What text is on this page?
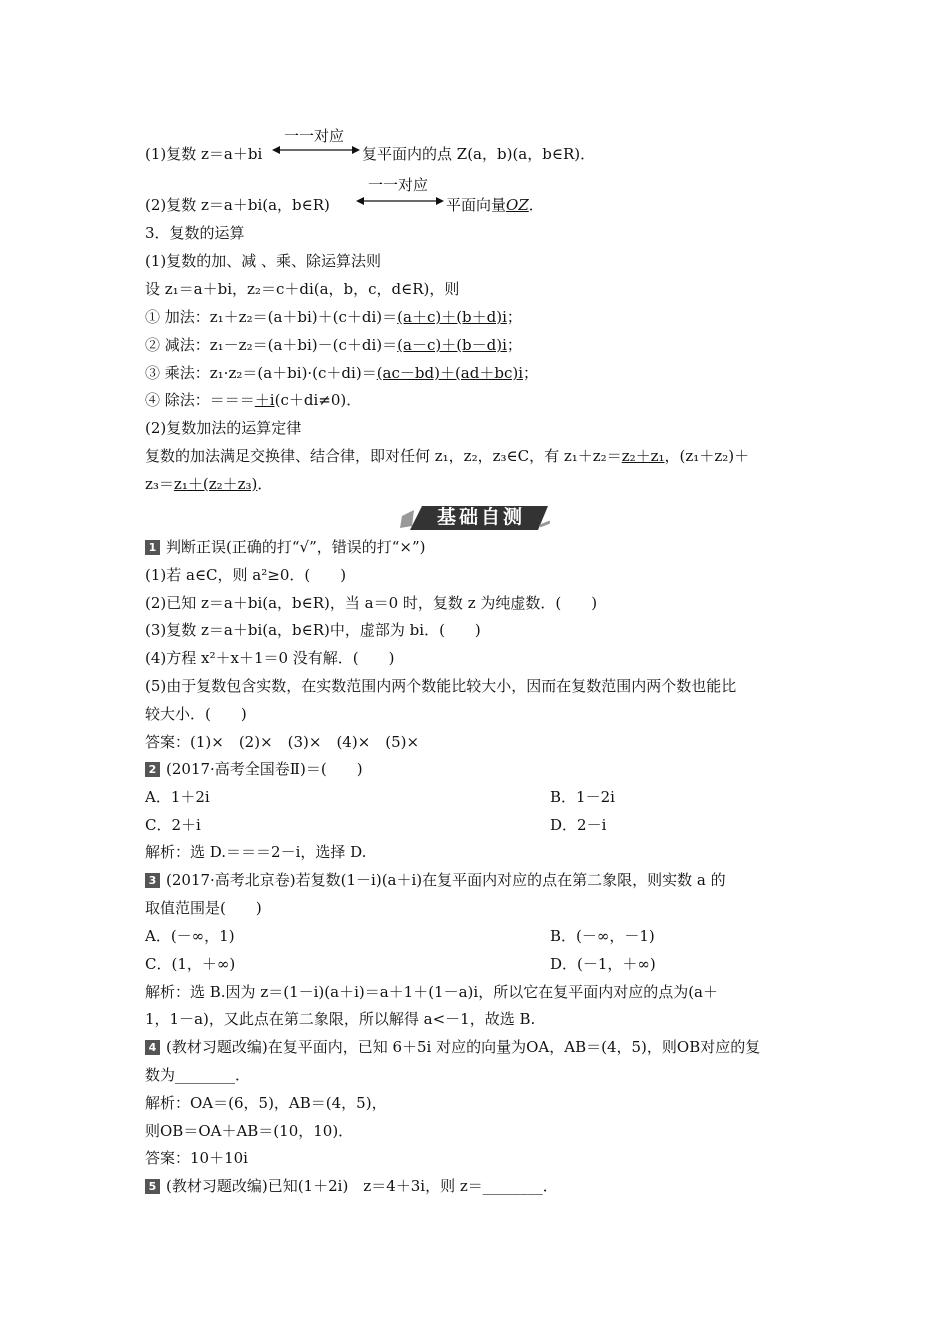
一一对应
(1)复数 z＝a＋bi	复平面内的点 Z(a，b)(a，b∈R)．
一一对应
(2)复数 z＝a＋bi(a，b∈R)	平面向量OZ．
3．复数的运算
(1)复数的加、减 、乘、除运算法则
设 z₁＝a＋bi，z₂＝c＋di(a，b，c，d∈R)，则
① 加法：z₁＋z₂＝(a＋bi)＋(c＋di)＝(a＋c)＋(b＋d)i；
② 减法：z₁－z₂＝(a＋bi)－(c＋di)＝(a－c)＋(b－d)i；
③ 乘法：z₁·z₂＝(a＋bi)·(c＋di)＝(ac－bd)＋(ad＋bc)i；
④ 除法：＝＝＝＋i(c＋di≠0)．
(2)复数加法的运算定律
复数的加法满足交换律、结合律，即对任何 z₁，z₂，z₃∈C，有 z₁＋z₂＝z₂＋z₁，(z₁＋z₂)＋
z₃＝z₁＋(z₂＋z₃)．
基础自测
1 判断正误(正确的打“√”，错误的打“×”)
(1)若 a∈C，则 a²≥0．(　　)
(2)已知 z＝a＋bi(a，b∈R)，当 a＝0 时，复数 z 为纯虚数．(　　)
(3)复数 z＝a＋bi(a，b∈R)中，虚部为 bi．(　　)
(4)方程 x²＋x＋1＝0 没有解．(　　)
(5)由于复数包含实数，在实数范围内两个数能比较大小，因而在复数范围内两个数也能比
较大小．(　　)
答案：(1)×　(2)×　(3)×　(4)×　(5)×
2 (2017·高考全国卷Ⅱ)＝(　　)
A．1＋2i	B．1－2i
C．2＋i	D．2－i
解析：选 D.＝＝＝2－i，选择 D.
3 (2017·高考北京卷)若复数(1－i)(a＋i)在复平面内对应的点在第二象限，则实数 a 的
取值范围是(　　)
A．(－∞，1)	B．(－∞，－1)
C．(1，＋∞)	D．(－1，＋∞)
解析：选 B.因为 z＝(1－i)(a＋i)＝a＋1＋(1－a)i，所以它在复平面内对应的点为(a＋
1，1－a)，又此点在第二象限，所以解得 a<－1，故选 B.
4 (教材习题改编)在复平面内，已知 6＋5i 对应的向量为OA，AB＝(4，5)，则OB对应的复
数为________．
解析：OA＝(6，5)，AB＝(4，5)，
则OB＝OA＋AB＝(10，10)．
答案：10＋10i
5 (教材习题改编)已知(1＋2i)　z＝4＋3i，则 z＝________．
